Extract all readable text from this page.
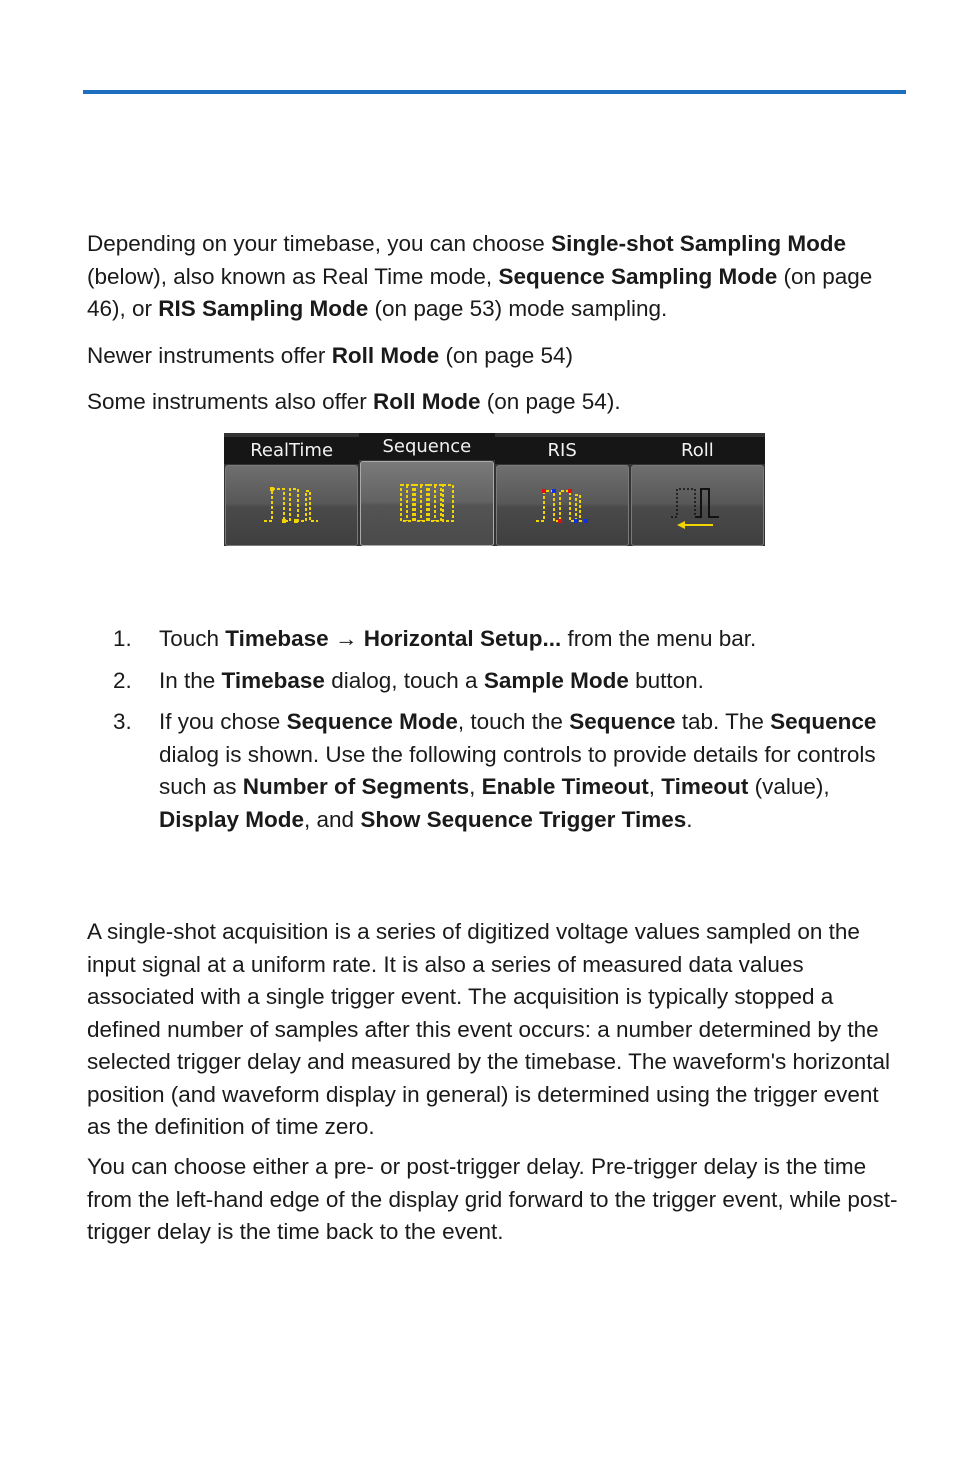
Depending on your timebase, you can choose Single-shot Sampling Mode (below), also known as Real Time mode, Sequence Sampling Mode (on page 46), or RIS Sampling Mode (on page 53) mode sampling.

Newer instruments offer Roll Mode (on page 54)

Some instruments also offer Roll Mode (on page 54).

RealTime	Sequence	RIS	Roll
1. Touch Timebase → Horizontal Setup... from the menu bar.
2. In the Timebase dialog, touch a Sample Mode button.
3. If you chose Sequence Mode, touch the Sequence tab. The Sequence dialog is shown. Use the following controls to provide details for controls such as Number of Segments, Enable Timeout, Timeout (value), Display Mode, and Show Sequence Trigger Times.

A single-shot acquisition is a series of digitized voltage values sampled on the input signal at a uniform rate. It is also a series of measured data values associated with a single trigger event. The acquisition is typically stopped a defined number of samples after this event occurs: a number determined by the selected trigger delay and measured by the timebase. The waveform's horizontal position (and waveform display in general) is determined using the trigger event as the definition of time zero.

You can choose either a pre- or post-trigger delay. Pre-trigger delay is the time from the left-hand edge of the display grid forward to the trigger event, while post-trigger delay is the time back to the event.
